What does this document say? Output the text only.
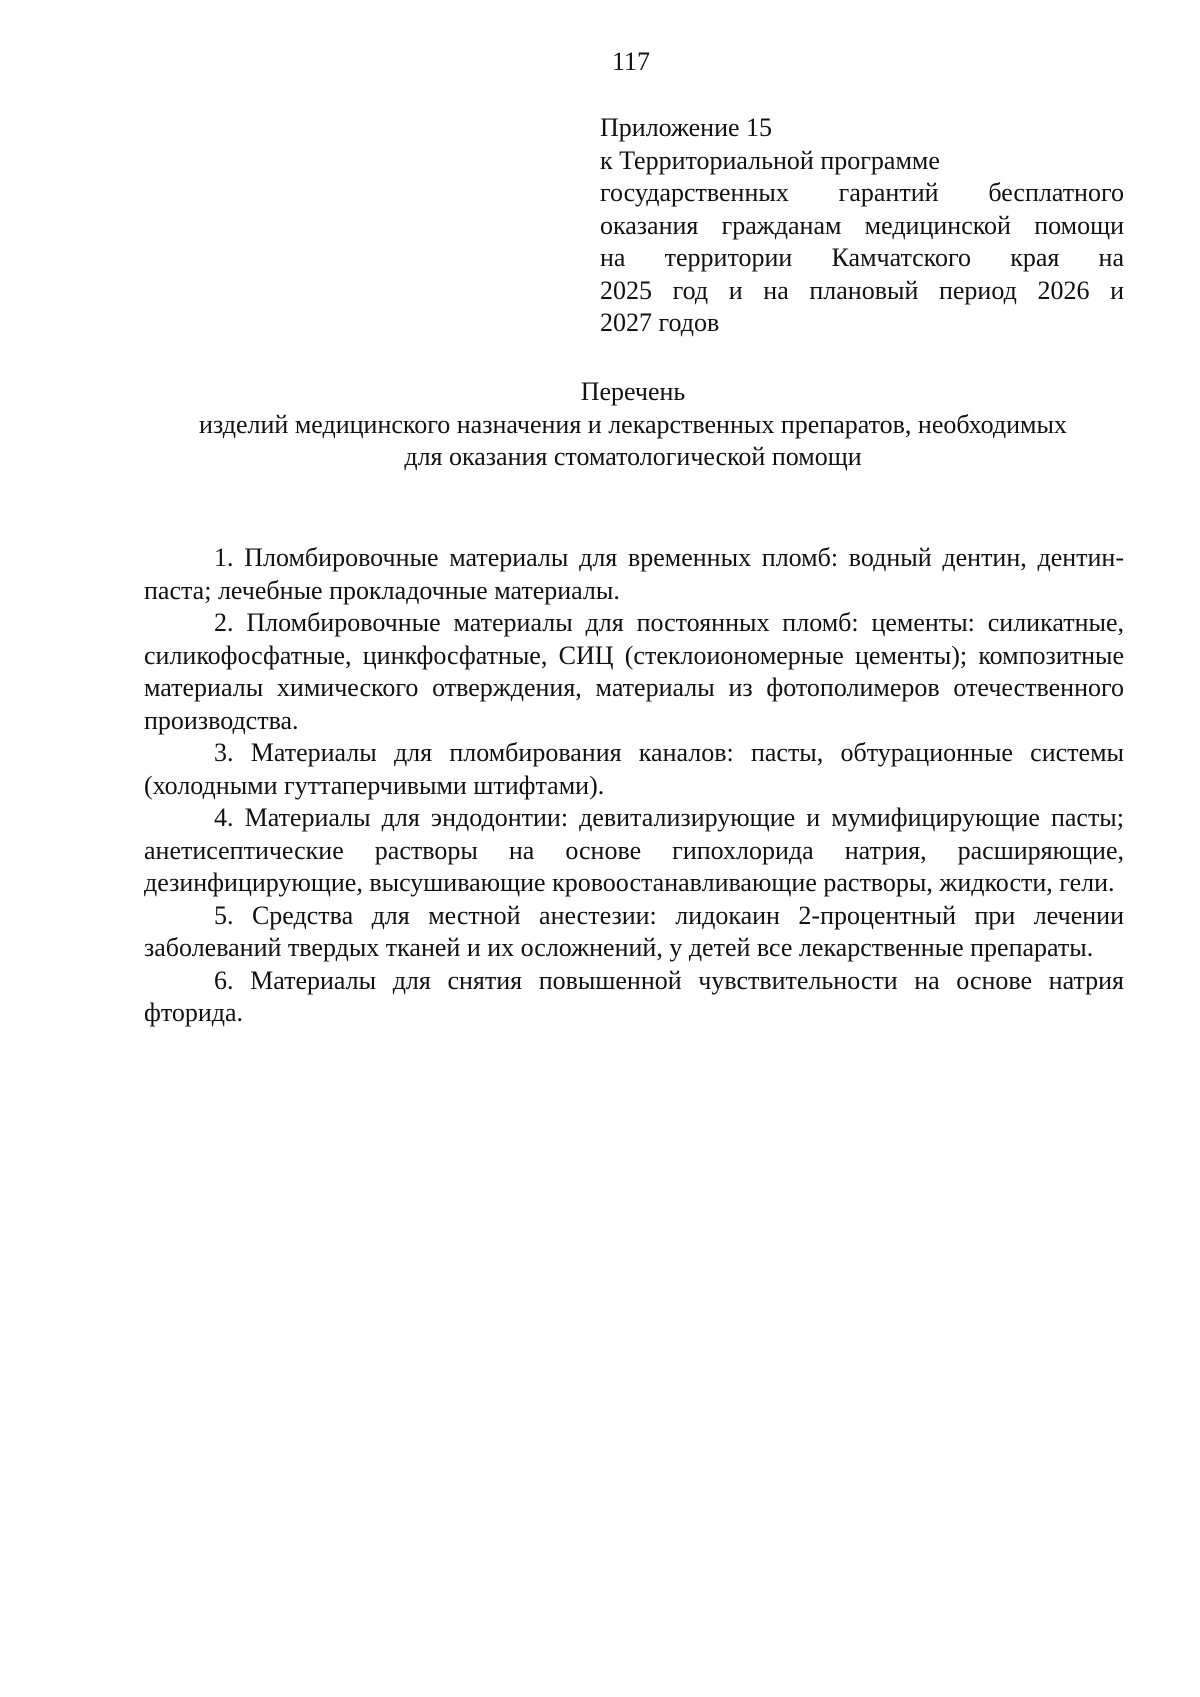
117
Приложение 15
к Территориальной программе
государственных гарантий бесплатного
оказания гражданам медицинской помощи
на территории Камчатского края на
2025 год и на плановый период 2026 и
2027 годов
Перечень
изделий медицинского назначения и лекарственных препаратов, необходимых
для оказания стоматологической помощи

1. Пломбировочные материалы для временных пломб: водный дентин, дентин-паста; лечебные прокладочные материалы.

2. Пломбировочные материалы для постоянных пломб: цементы: силикатные, силикофосфатные, цинкфосфатные, СИЦ (стеклоиономерные цементы); композитные материалы химического отверждения, материалы из фотополимеров отечественного производства.

3. Материалы для пломбирования каналов: пасты, обтурационные системы (холодными гуттаперчивыми штифтами).

4. Материалы для эндодонтии: девитализирующие и мумифицирующие пасты; анетисептические растворы на основе гипохлорида натрия, расширяющие, дезинфицирующие, высушивающие кровоостанавливающие растворы, жидкости, гели.

5. Средства для местной анестезии: лидокаин 2-процентный при лечении заболеваний твердых тканей и их осложнений, у детей все лекарственные препараты.

6. Материалы для снятия повышенной чувствительности на основе натрия фторида.
